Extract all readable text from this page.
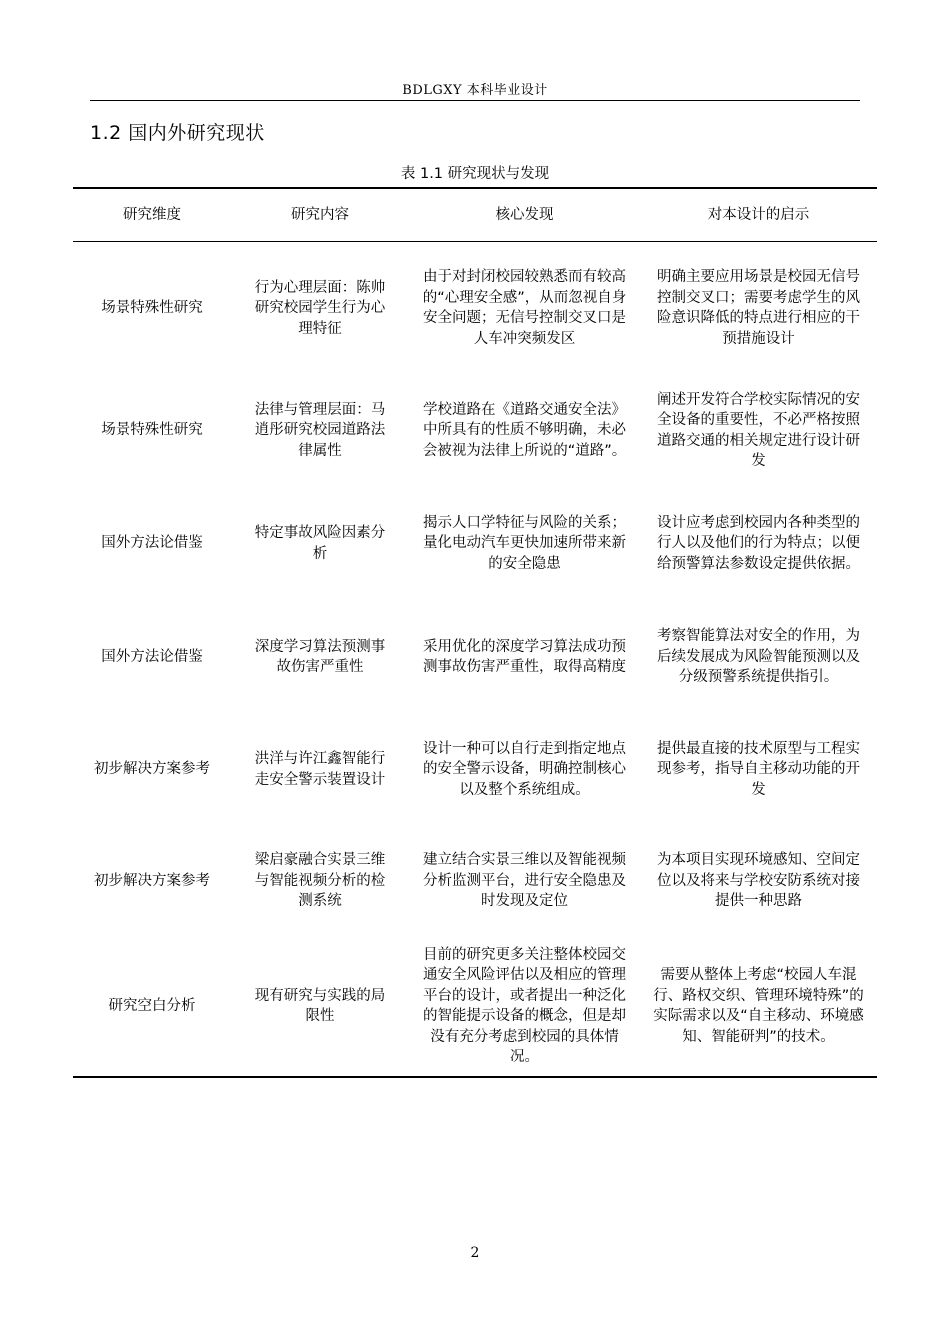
BDLGXY 本科毕业设计
1.2 国内外研究现状
表 1.1 研究现状与发现
研究维度	研究内容	核心发现	对本设计的启示

场景特殊性研究	行为心理层面：陈帅研究校园学生行为心理特征	由于对封闭校园较熟悉而有较高的“心理安全感”，从而忽视自身安全问题；无信号控制交叉口是人车冲突频发区	明确主要应用场景是校园无信号控制交叉口；需要考虑学生的风险意识降低的特点进行相应的干预措施设计

场景特殊性研究	法律与管理层面：马逍彤研究校园道路法律属性	学校道路在《道路交通安全法》中所具有的性质不够明确，未必会被视为法律上所说的“道路”。	阐述开发符合学校实际情况的安全设备的重要性，不必严格按照道路交通的相关规定进行设计研发

国外方法论借鉴	特定事故风险因素分析	揭示人口学特征与风险的关系；量化电动汽车更快加速所带来新的安全隐患	设计应考虑到校园内各种类型的行人以及他们的行为特点；以便给预警算法参数设定提供依据。

国外方法论借鉴	深度学习算法预测事故伤害严重性	采用优化的深度学习算法成功预测事故伤害严重性，取得高精度	考察智能算法对安全的作用，为后续发展成为风险智能预测以及分级预警系统提供指引。

初步解决方案参考	洪洋与许江鑫智能行走安全警示装置设计	设计一种可以自行走到指定地点的安全警示设备，明确控制核心以及整个系统组成。	提供最直接的技术原型与工程实现参考，指导自主移动功能的开发

初步解决方案参考	梁启豪融合实景三维与智能视频分析的检测系统	建立结合实景三维以及智能视频分析监测平台，进行安全隐患及时发现及定位	为本项目实现环境感知、空间定位以及将来与学校安防系统对接提供一种思路

研究空白分析	现有研究与实践的局限性	目前的研究更多关注整体校园交通安全风险评估以及相应的管理平台的设计，或者提出一种泛化的智能提示设备的概念，但是却没有充分考虑到校园的具体情况。	需要从整体上考虑“校园人车混行、路权交织、管理环境特殊”的实际需求以及“自主移动、环境感知、智能研判”的技术。
2
